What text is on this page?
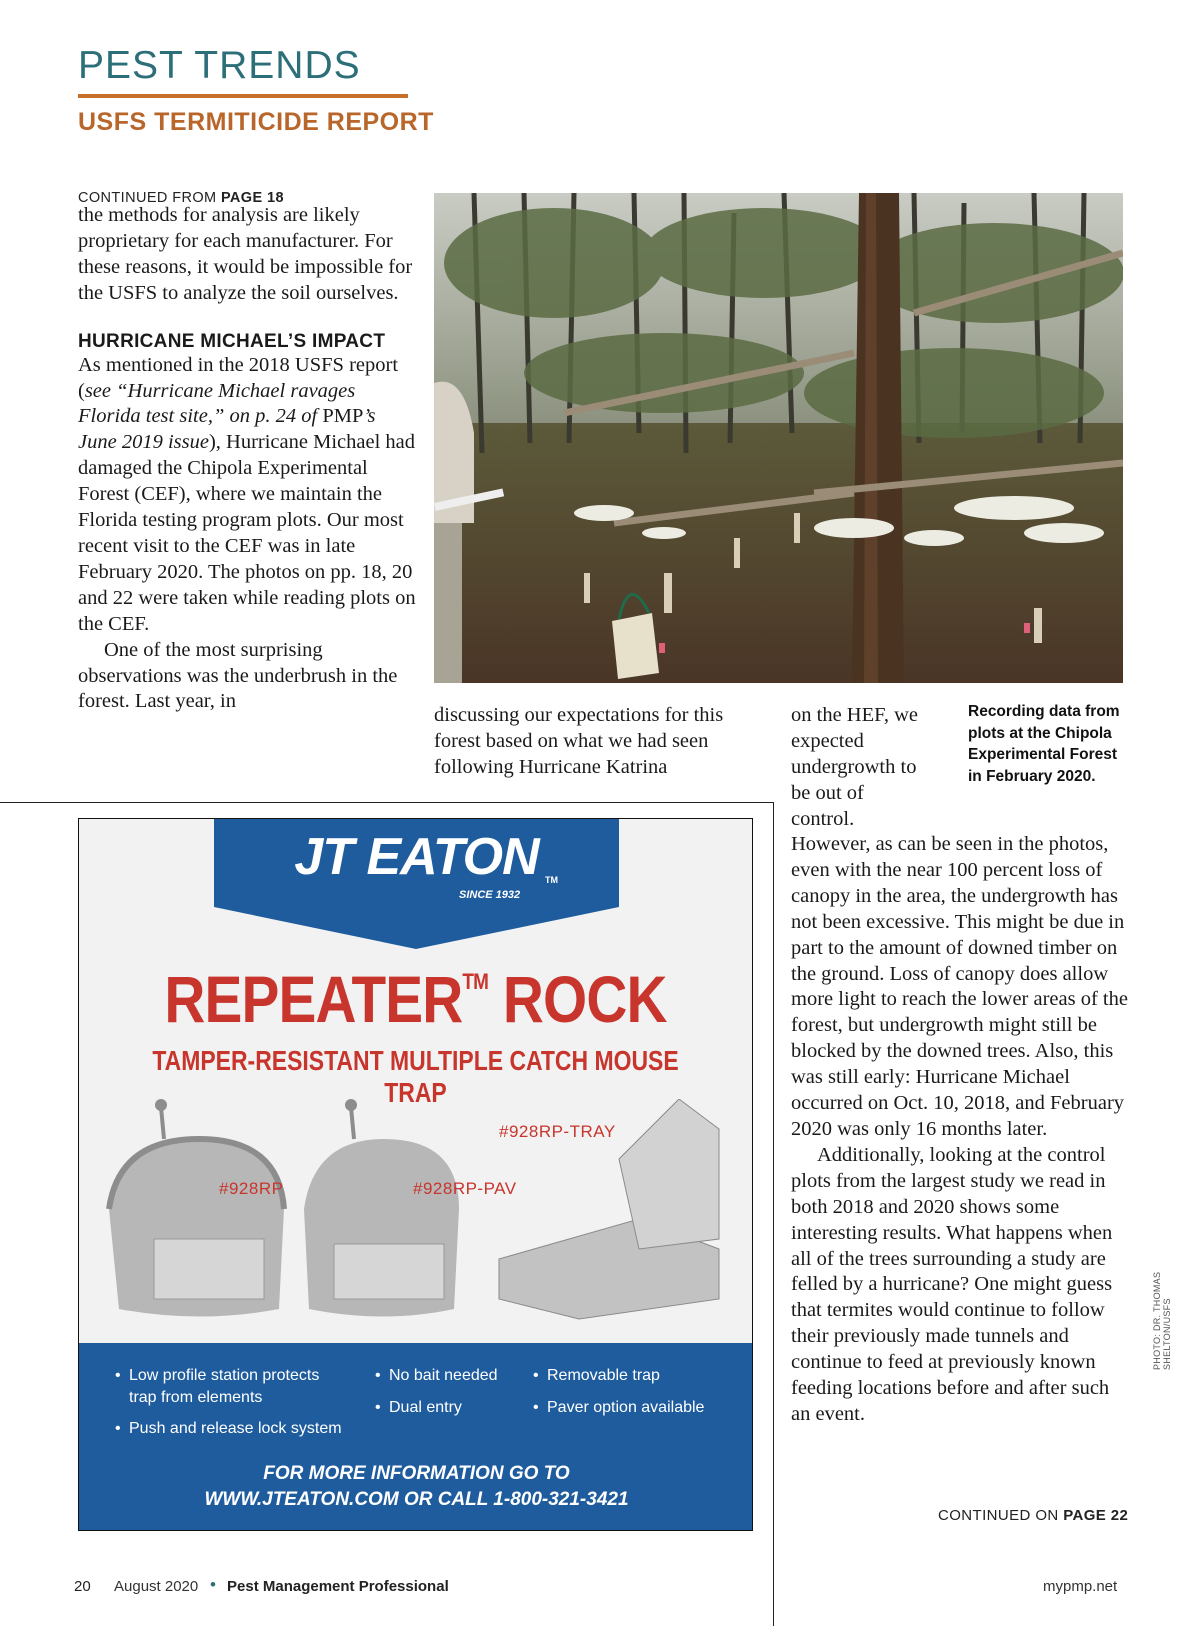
PEST TRENDS
USFS TERMITICIDE REPORT
CONTINUED FROM PAGE 18
the methods for analysis are likely proprietary for each manufacturer. For these reasons, it would be impossible for the USFS to analyze the soil ourselves.
HURRICANE MICHAEL’S IMPACT
As mentioned in the 2018 USFS report (see “Hurricane Michael ravages Florida test site,” on p. 24 of PMP’s June 2019 issue), Hurricane Michael had damaged the Chipola Experimental Forest (CEF), where we maintain the Florida testing program plots. Our most recent visit to the CEF was in late February 2020. The photos on pp. 18, 20 and 22 were taken while reading plots on the CEF.
One of the most surprising observations was the underbrush in the forest. Last year, in	Recording data from plots at the Chipola Experimental Forest in February 2020.
PHOTO: DR. THOMAS SHELTON/USFS
discussing our expectations for this forest based on what we had seen following Hurricane Katrina
on the HEF, we expected undergrowth to be out of control.
However, as can be seen in the photos, even with the near 100 percent loss of canopy in the area, the undergrowth has not been excessive. This might be due in part to the amount of downed timber on the ground. Loss of canopy does allow more light to reach the lower areas of the forest, but undergrowth might still be blocked by the downed trees. Also, this was still early: Hurricane Michael occurred on Oct. 10, 2018, and February 2020 was only 16 months later.
Additionally, looking at the control plots from the largest study we read in both 2018 and 2020 shows some interesting results. What happens when all of the trees surrounding a study are felled by a hurricane? One might guess that termites would continue to follow their previously made tunnels and continue to feed at previously known feeding locations before and after such an event.
CONTINUED ON PAGE 22
JT EATON TM
SINCE 1932
REPEATER™ ROCK
TAMPER-RESISTANT MULTIPLE CATCH MOUSE TRAP
#928RP	#928RP-PAV
#928RP-TRAY
• Low profile station protects trap from elements
• Push and release lock system
• No bait needed
• Dual entry
• Removable trap
• Paver option available
FOR MORE INFORMATION GO TO
WWW.JTEATON.COM OR CALL 1-800-321-3421
20 August 2020 • Pest Management Professional	mypmp.net
